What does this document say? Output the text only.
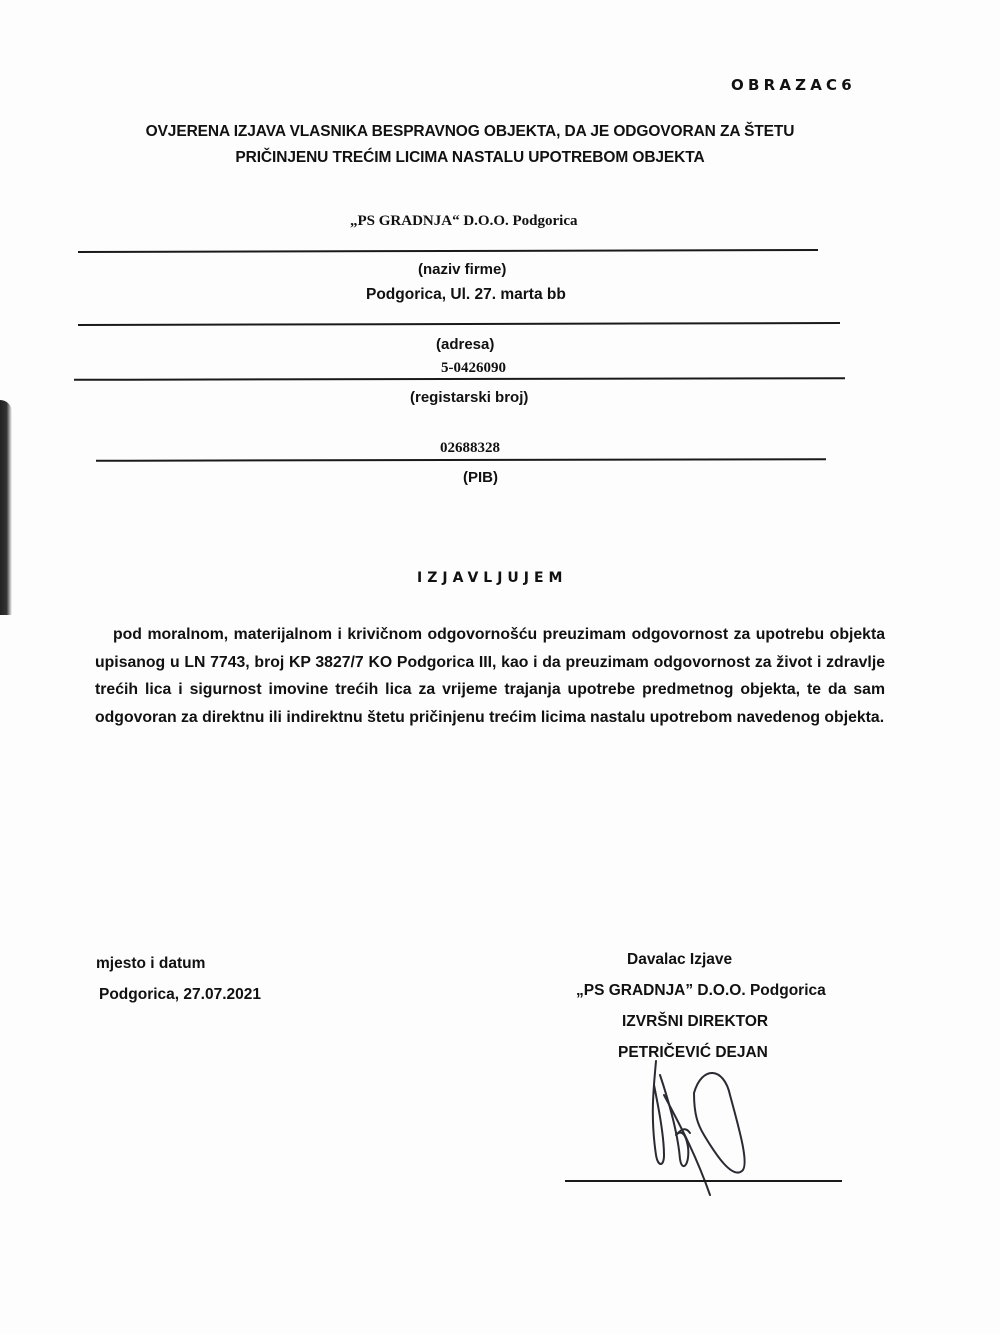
OBRAZAC6
OVJERENA IZJAVA VLASNIKA BESPRAVNOG OBJEKTA, DA JE ODGOVORAN ZA ŠTETU
PRIČINJENU TREĆIM LICIMA NASTALU UPOTREBOM OBJEKTA
„PS GRADNJA“ D.O.O. Podgorica
(naziv firme)
Podgorica, Ul. 27. marta bb
(adresa)
5-0426090
(registarski broj)
02688328
(PIB)
IZJAVLJUJEM
pod moralnom, materijalnom i krivičnom odgovornošću preuzimam odgovornost za upotrebu objekta upisanog u LN 7743, broj KP 3827/7 KO Podgorica III, kao i da preuzimam odgovornost za život i zdravlje trećih lica i sigurnost imovine trećih lica za vrijeme trajanja upotrebe predmetnog objekta, te da sam odgovoran za direktnu ili indirektnu štetu pričinjenu trećim licima nastalu upotrebom navedenog objekta.
mjesto i datum
Podgorica, 27.07.2021
Davalac Izjave
„PS GRADNJA” D.O.O. Podgorica
IZVRŠNI DIREKTOR
PETRIČEVIĆ DEJAN
